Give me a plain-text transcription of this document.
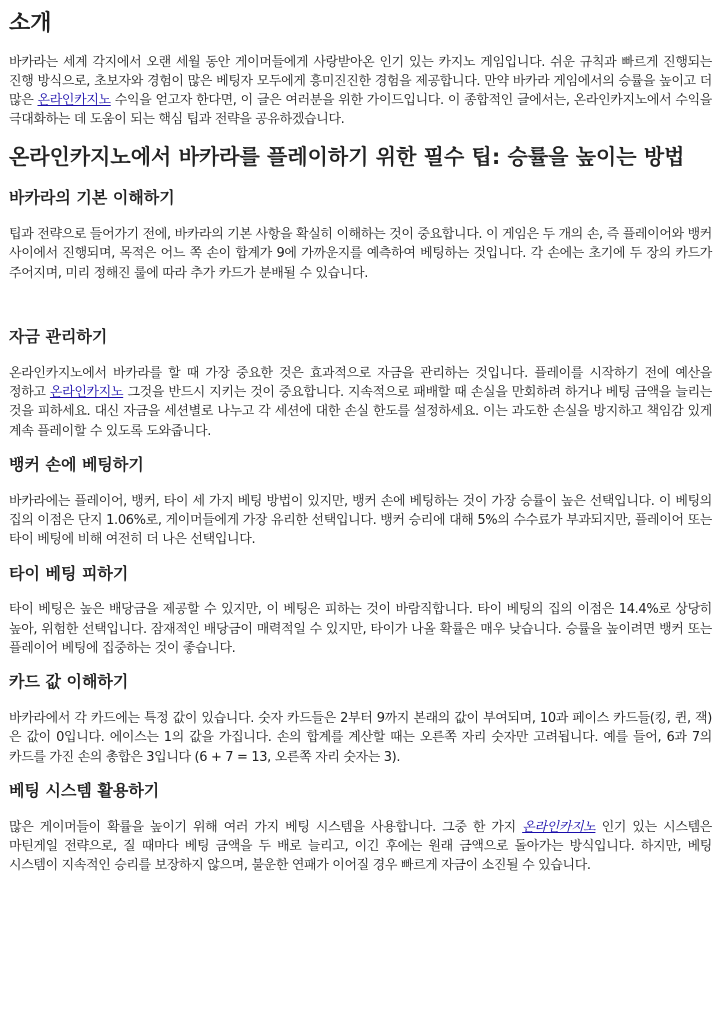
소개

바카라는 세계 각지에서 오랜 세월 동안 게이머들에게 사랑받아온 인기 있는 카지노 게임입니다. 쉬운 규칙과 빠르게 진행되는 진행 방식으로, 초보자와 경험이 많은 베팅자 모두에게 흥미진진한 경험을 제공합니다. 만약 바카라 게임에서의 승률을 높이고 더 많은 온라인카지노 수익을 얻고자 한다면, 이 글은 여러분을 위한 가이드입니다. 이 종합적인 글에서는, 온라인카지노에서 수익을 극대화하는 데 도움이 되는 핵심 팁과 전략을 공유하겠습니다.

온라인카지노에서 바카라를 플레이하기 위한 필수 팁: 승률을 높이는 방법
바카라의 기본 이해하기

팁과 전략으로 들어가기 전에, 바카라의 기본 사항을 확실히 이해하는 것이 중요합니다. 이 게임은 두 개의 손, 즉 플레이어와 뱅커 사이에서 진행되며, 목적은 어느 쪽 손이 합계가 9에 가까운지를 예측하여 베팅하는 것입니다. 각 손에는 초기에 두 장의 카드가 주어지며, 미리 정해진 룰에 따라 추가 카드가 분배될 수 있습니다.

자금 관리하기

온라인카지노에서 바카라를 할 때 가장 중요한 것은 효과적으로 자금을 관리하는 것입니다. 플레이를 시작하기 전에 예산을 정하고 온라인카지노 그것을 반드시 지키는 것이 중요합니다. 지속적으로 패배할 때 손실을 만회하려 하거나 베팅 금액을 늘리는 것을 피하세요. 대신 자금을 세션별로 나누고 각 세션에 대한 손실 한도를 설정하세요. 이는 과도한 손실을 방지하고 책임감 있게 계속 플레이할 수 있도록 도와줍니다.

뱅커 손에 베팅하기

바카라에는 플레이어, 뱅커, 타이 세 가지 베팅 방법이 있지만, 뱅커 손에 베팅하는 것이 가장 승률이 높은 선택입니다. 이 베팅의 집의 이점은 단지 1.06%로, 게이머들에게 가장 유리한 선택입니다. 뱅커 승리에 대해 5%의 수수료가 부과되지만, 플레이어 또는 타이 베팅에 비해 여전히 더 나은 선택입니다.

타이 베팅 피하기

타이 베팅은 높은 배당금을 제공할 수 있지만, 이 베팅은 피하는 것이 바람직합니다. 타이 베팅의 집의 이점은 14.4%로 상당히 높아, 위험한 선택입니다. 잠재적인 배당금이 매력적일 수 있지만, 타이가 나올 확률은 매우 낮습니다. 승률을 높이려면 뱅커 또는 플레이어 베팅에 집중하는 것이 좋습니다.

카드 값 이해하기

바카라에서 각 카드에는 특정 값이 있습니다. 숫자 카드들은 2부터 9까지 본래의 값이 부여되며, 10과 페이스 카드들(킹, 퀸, 잭)은 값이 0입니다. 에이스는 1의 값을 가집니다. 손의 합계를 계산할 때는 오른쪽 자리 숫자만 고려됩니다. 예를 들어, 6과 7의 카드를 가진 손의 총합은 3입니다 (6 + 7 = 13, 오른쪽 자리 숫자는 3).

베팅 시스템 활용하기

많은 게이머들이 확률을 높이기 위해 여러 가지 베팅 시스템을 사용합니다. 그중 한 가지 온라인카지노 인기 있는 시스템은 마틴게일 전략으로, 질 때마다 베팅 금액을 두 배로 늘리고, 이긴 후에는 원래 금액으로 돌아가는 방식입니다. 하지만, 베팅 시스템이 지속적인 승리를 보장하지 않으며, 불운한 연패가 이어질 경우 빠르게 자금이 소진될 수 있습니다.
